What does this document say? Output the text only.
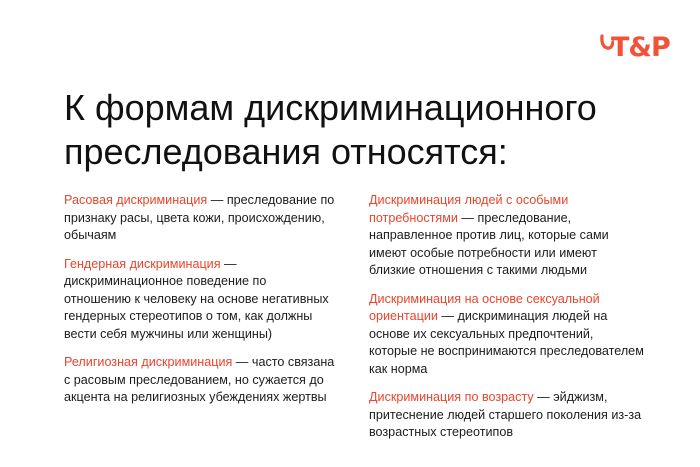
T&P
К формам дискриминационного
преследования относятся:

Расовая дискриминация — преследование по
признаку расы, цвета кожи, происхождению,
обычаям

Гендерная дискриминация —
дискриминационное поведение по
отношению к человеку на основе негативных
гендерных стереотипов о том, как должны
вести себя мужчины или женщины)

Религиозная дискриминация — часто связана
с расовым преследованием, но сужается до
акцента на религиозных убеждениях жертвы

Дискриминация людей с особыми
потребностями — преследование,
направленное против лиц, которые сами
имеют особые потребности или имеют
близкие отношения с такими людьми

Дискриминация на основе сексуальной
ориентации — дискриминация людей на
основе их сексуальных предпочтений,
которые не воспринимаются преследователем
как норма

Дискриминация по возрасту — эйджизм,
притеснение людей старшего поколения из-за
возрастных стереотипов
